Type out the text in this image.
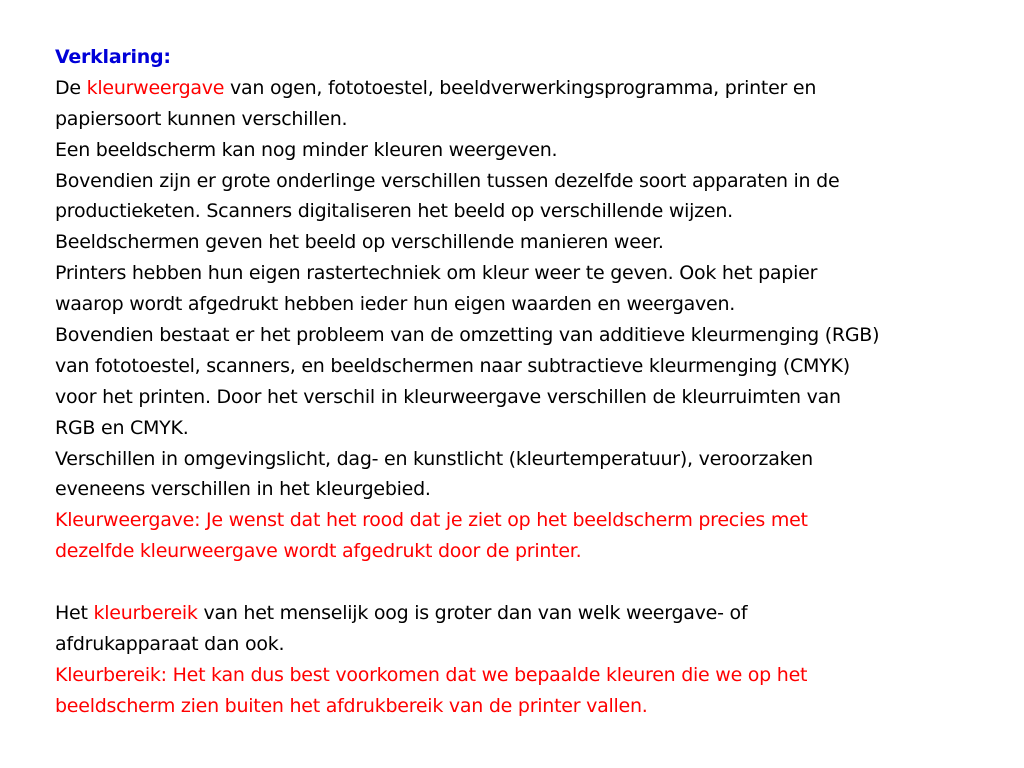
Verklaring:
De kleurweergave van ogen, fototoestel, beeldverwerkingsprogramma, printer en
papiersoort kunnen verschillen.
Een beeldscherm kan nog minder kleuren weergeven.
Bovendien zijn er grote onderlinge verschillen tussen dezelfde soort apparaten in de
productieketen. Scanners digitaliseren het beeld op verschillende wijzen.
Beeldschermen geven het beeld op verschillende manieren weer.
Printers hebben hun eigen rastertechniek om kleur weer te geven. Ook het papier
waarop wordt afgedrukt hebben ieder hun eigen waarden en weergaven.
Bovendien bestaat er het probleem van de omzetting van additieve kleurmenging (RGB)
van fototoestel, scanners, en beeldschermen naar subtractieve kleurmenging (CMYK)
voor het printen. Door het verschil in kleurweergave verschillen de kleurruimten van
RGB en CMYK.
Verschillen in omgevingslicht, dag- en kunstlicht (kleurtemperatuur), veroorzaken
eveneens verschillen in het kleurgebied.
Kleurweergave: Je wenst dat het rood dat je ziet op het beeldscherm precies met
dezelfde kleurweergave wordt afgedrukt door de printer.
Het kleurbereik van het menselijk oog is groter dan van welk weergave- of
afdrukapparaat dan ook.
Kleurbereik: Het kan dus best voorkomen dat we bepaalde kleuren die we op het
beeldscherm zien buiten het afdrukbereik van de printer vallen.
